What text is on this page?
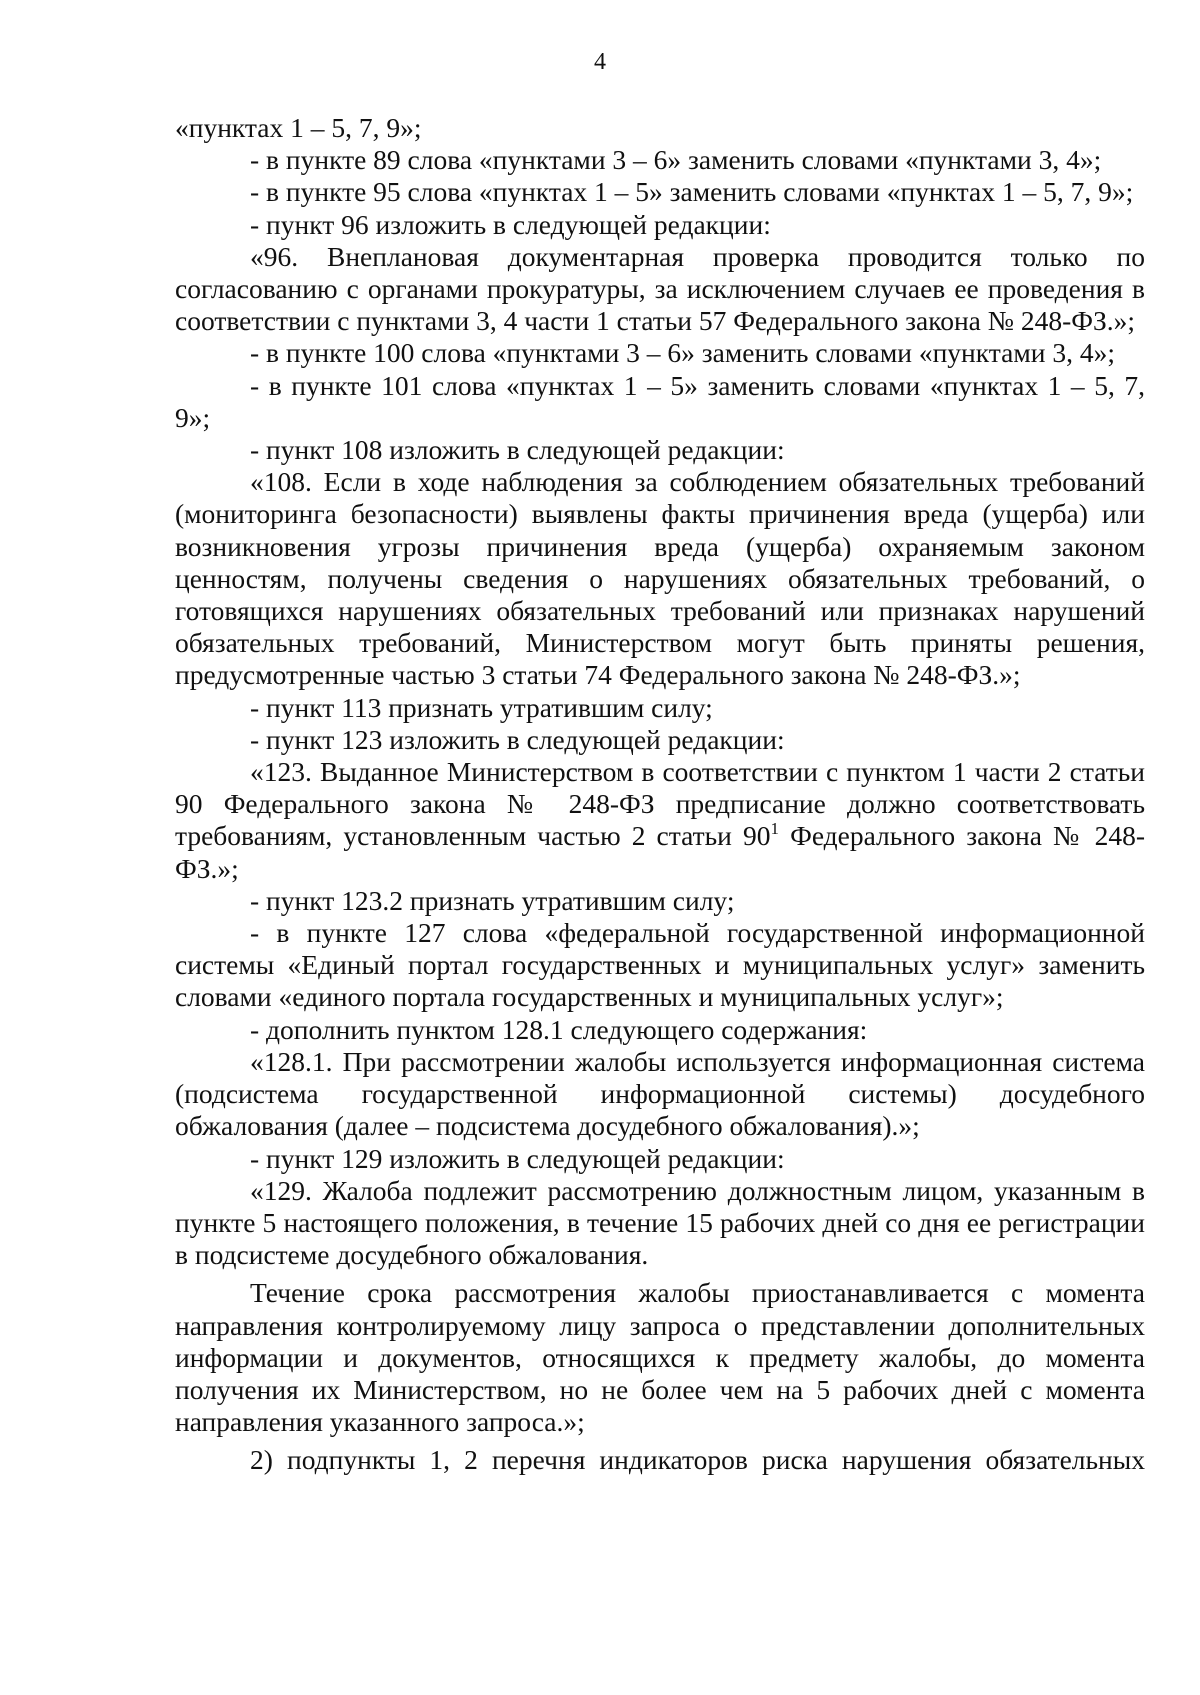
4

«пунктах 1 – 5, 7, 9»;

- в пункте 89 слова «пунктами 3 – 6» заменить словами «пунктами 3, 4»;

- в пункте 95 слова «пунктах 1 – 5» заменить словами «пунктах 1 – 5, 7, 9»;

- пункт 96 изложить в следующей редакции:

«96. Внеплановая документарная проверка проводится только по согласованию с органами прокуратуры, за исключением случаев ее проведения в соответствии с пунктами 3, 4 части 1 статьи 57 Федерального закона № 248-ФЗ.»;

- в пункте 100 слова «пунктами 3 – 6» заменить словами «пунктами 3, 4»;

- в пункте 101 слова «пунктах 1 – 5» заменить словами «пунктах 1 – 5, 7, 9»;

- пункт 108 изложить в следующей редакции:

«108. Если в ходе наблюдения за соблюдением обязательных требований (мониторинга безопасности) выявлены факты причинения вреда (ущерба) или возникновения угрозы причинения вреда (ущерба) охраняемым законом ценностям, получены сведения о нарушениях обязательных требований, о готовящихся нарушениях обязательных требований или признаках нарушений обязательных требований, Министерством могут быть приняты решения, предусмотренные частью 3 статьи 74 Федерального закона № 248-ФЗ.»;

- пункт 113 признать утратившим силу;

- пункт 123 изложить в следующей редакции:

«123. Выданное Министерством в соответствии с пунктом 1 части 2 статьи 90 Федерального закона № 248-ФЗ предписание должно соответствовать требованиям, установленным частью 2 статьи $90^1$ Федерального закона № 248-ФЗ.»;

- пункт 123.2 признать утратившим силу;

- в пункте 127 слова «федеральной государственной информационной системы «Единый портал государственных и муниципальных услуг» заменить словами «единого портала государственных и муниципальных услуг»;

- дополнить пунктом 128.1 следующего содержания:

«128.1. При рассмотрении жалобы используется информационная система (подсистема государственной информационной системы) досудебного обжалования (далее – подсистема досудебного обжалования).»;

- пункт 129 изложить в следующей редакции:

«129. Жалоба подлежит рассмотрению должностным лицом, указанным в пункте 5 настоящего положения, в течение 15 рабочих дней со дня ее регистрации в подсистеме досудебного обжалования.

Течение срока рассмотрения жалобы приостанавливается с момента направления контролируемому лицу запроса о представлении дополнительных информации и документов, относящихся к предмету жалобы, до момента получения их Министерством, но не более чем на 5 рабочих дней с момента направления указанного запроса.»;

2) подпункты 1, 2 перечня индикаторов риска нарушения обязательных
